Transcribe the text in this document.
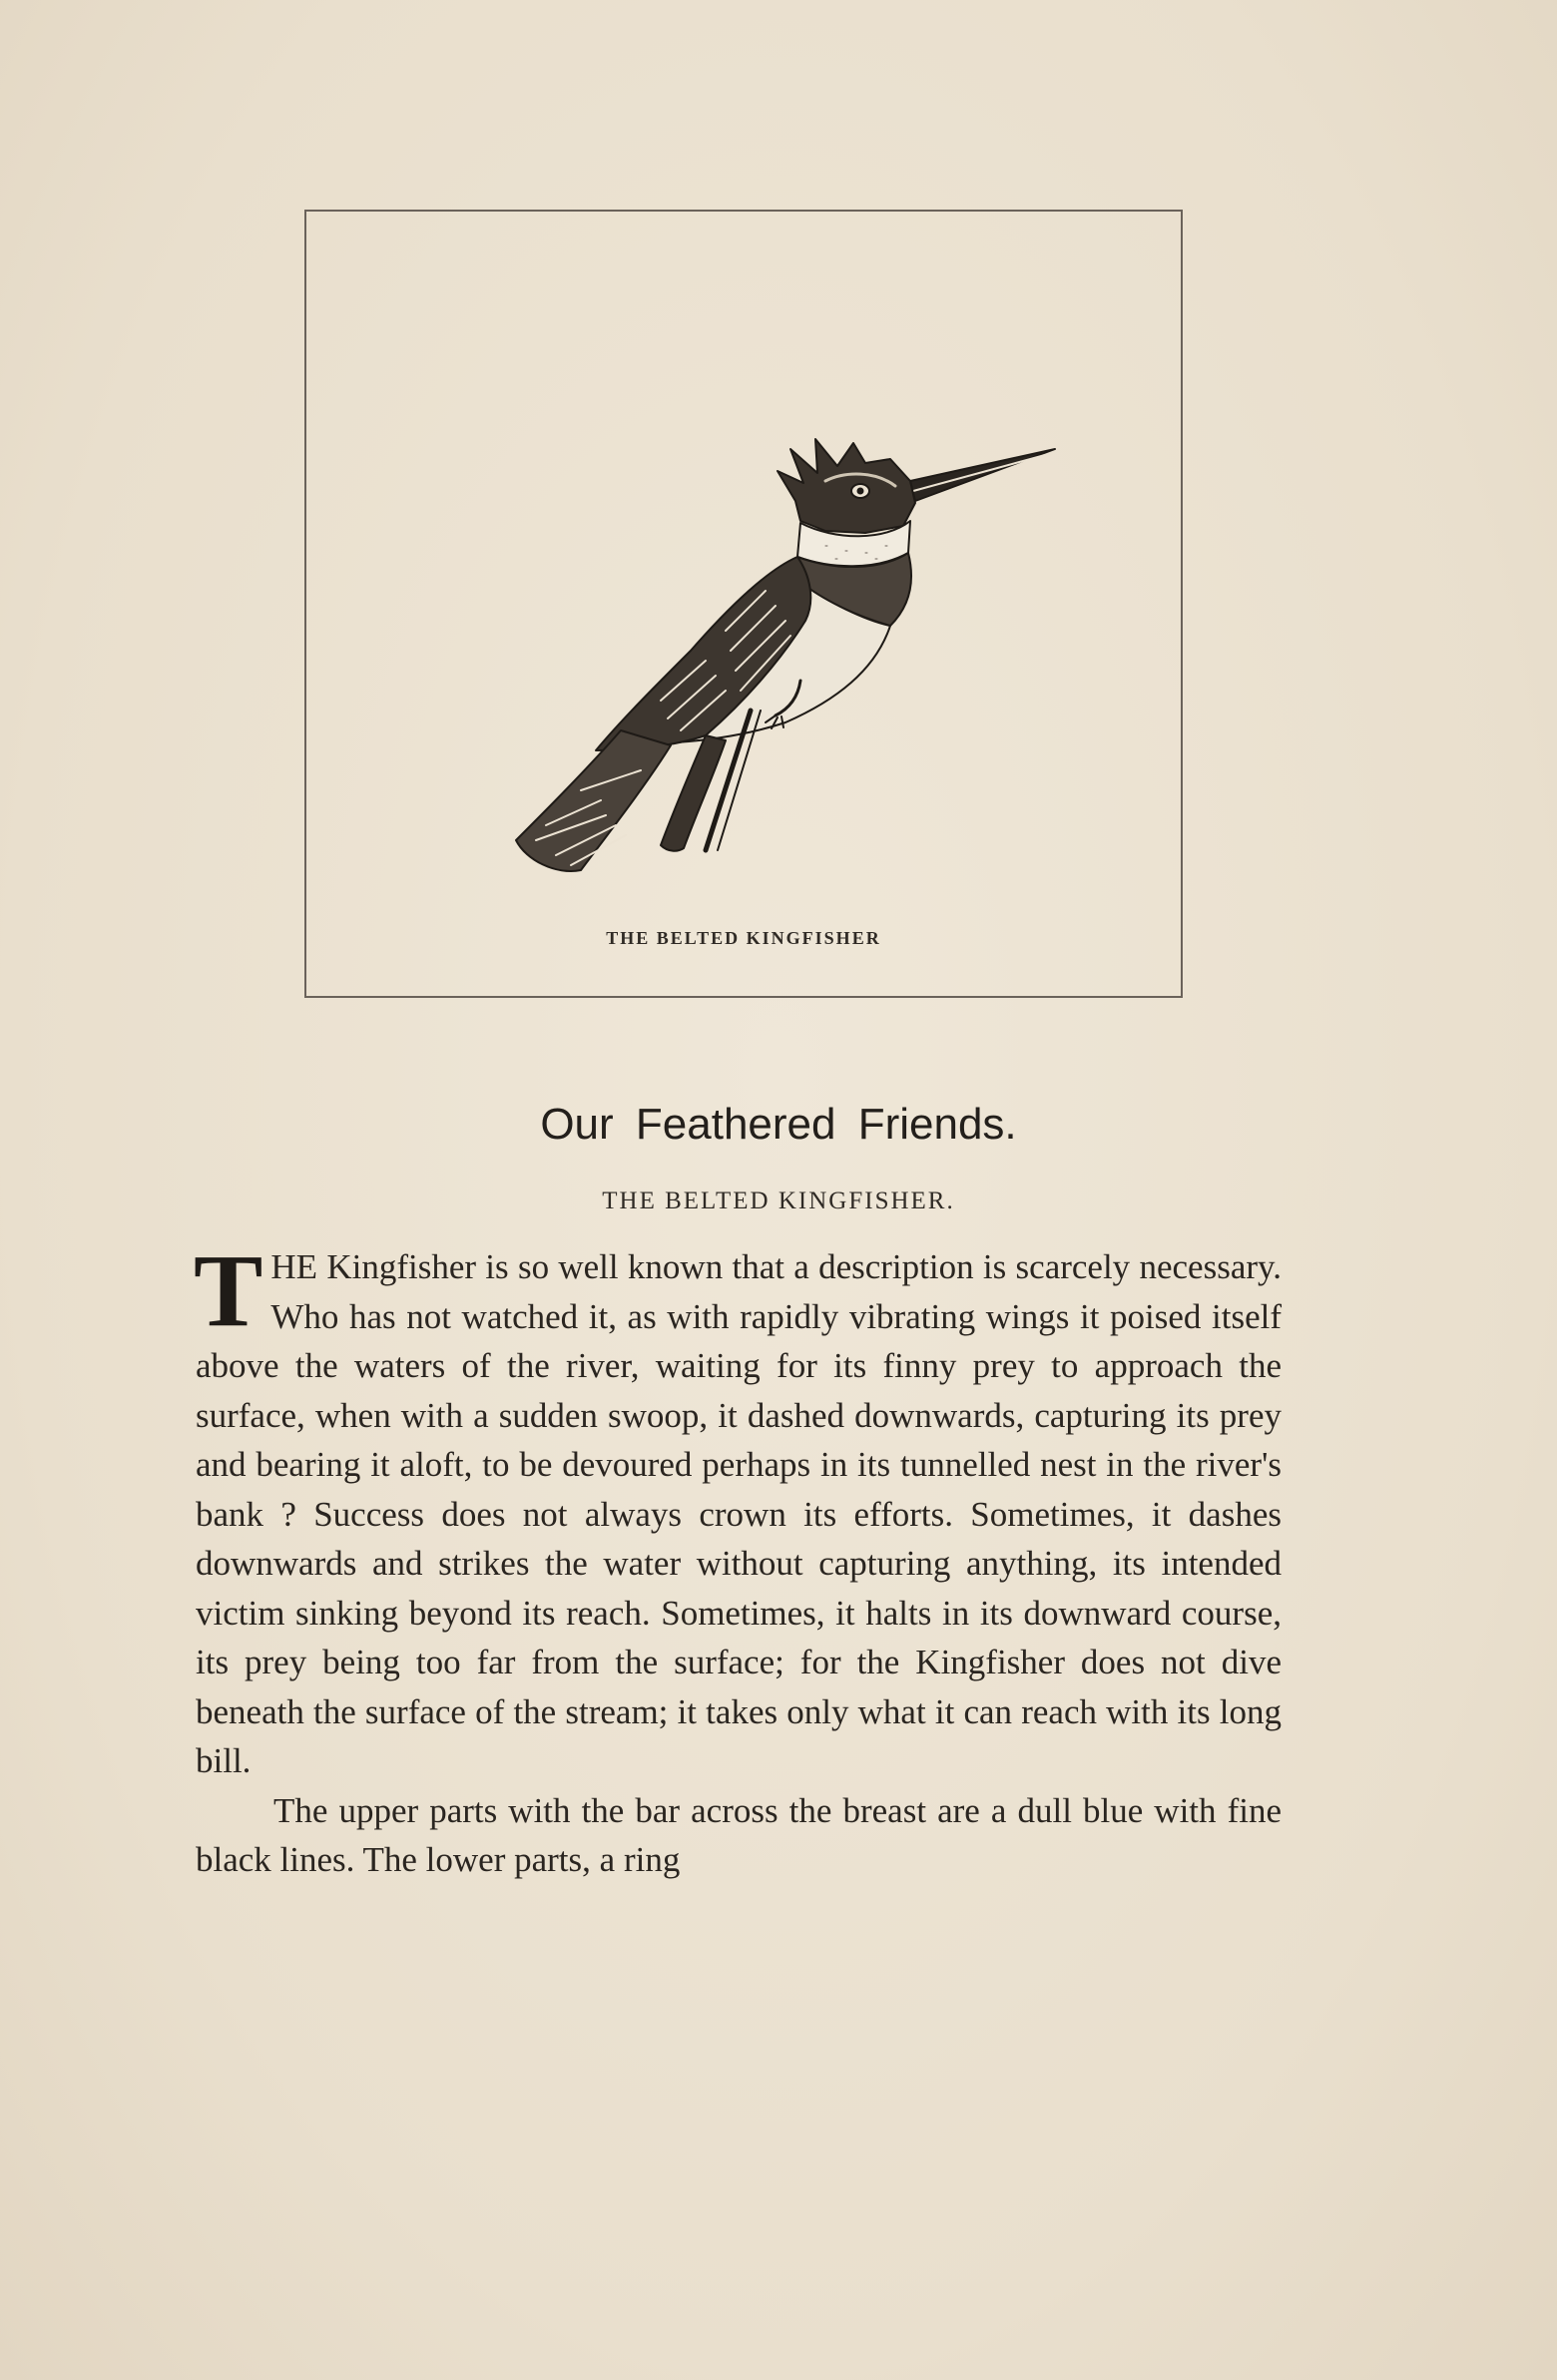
THE BELTED KINGFISHER
Our Feathered Friends.
THE BELTED KINGFISHER.

THE Kingfisher is so well known that a description is scarcely necessary. Who has not watched it, as with rapidly vibrating wings it poised itself above the waters of the river, waiting for its finny prey to approach the surface, when with a sudden swoop, it dashed downwards, capturing its prey and bearing it aloft, to be devoured perhaps in its tunnelled nest in the river's bank ? Success does not always crown its efforts. Sometimes, it dashes downwards and strikes the water without capturing anything, its intended victim sinking beyond its reach. Sometimes, it halts in its downward course, its prey being too far from the surface; for the Kingfisher does not dive beneath the surface of the stream; it takes only what it can reach with its long bill.

The upper parts with the bar across the breast are a dull blue with fine black lines. The lower parts, a ring
